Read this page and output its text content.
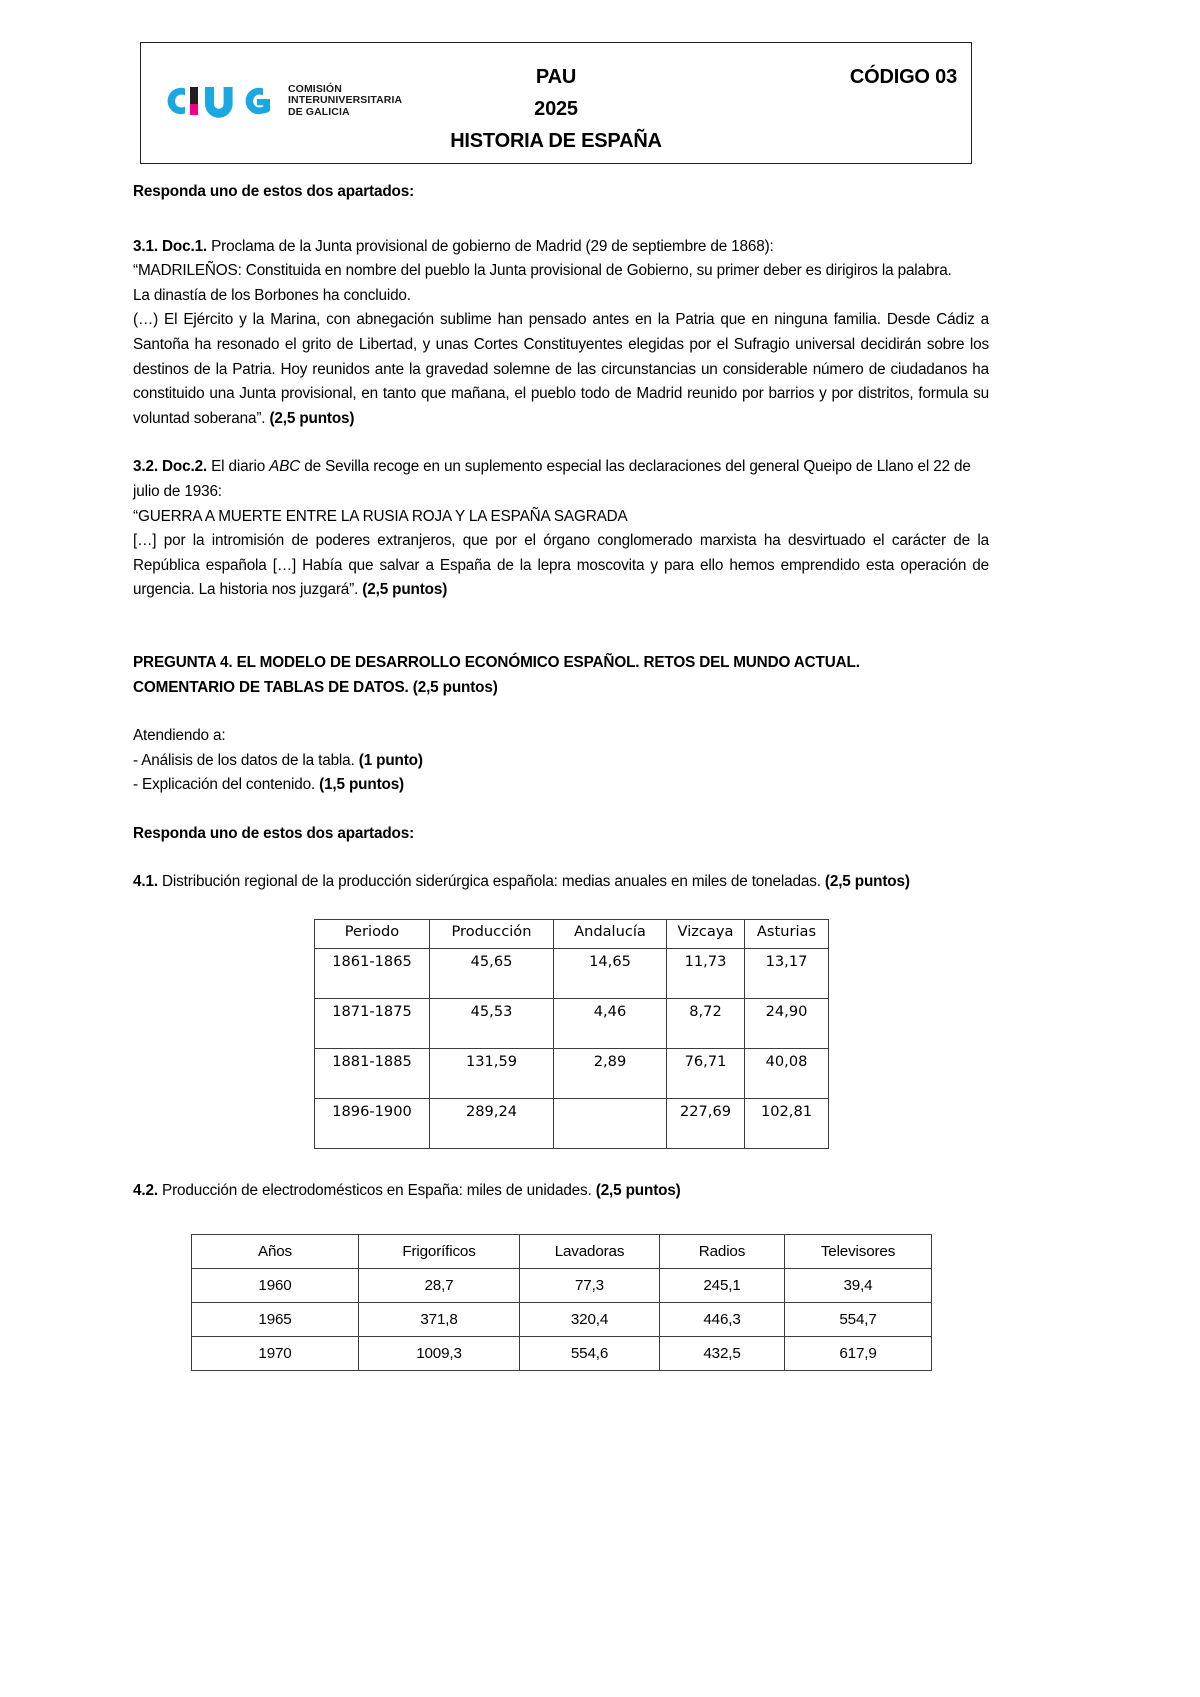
COMISIÓN
INTERUNIVERSITARIA
DE GALICIA
PAU
2025
HISTORIA DE ESPAÑA
CÓDIGO 03

Responda uno de estos dos apartados:

3.1. Doc.1. Proclama de la Junta provisional de gobierno de Madrid (29 de septiembre de 1868):

“MADRILEÑOS: Constituida en nombre del pueblo la Junta provisional de Gobierno, su primer deber es dirigiros la palabra.

La dinastía de los Borbones ha concluido.

(…) El Ejército y la Marina, con abnegación sublime han pensado antes en la Patria que en ninguna familia. Desde Cádiz a Santoña ha resonado el grito de Libertad, y unas Cortes Constituyentes elegidas por el Sufragio universal decidirán sobre los destinos de la Patria. Hoy reunidos ante la gravedad solemne de las circunstancias un considerable número de ciudadanos ha constituido una Junta provisional, en tanto que mañana, el pueblo todo de Madrid reunido por barrios y por distritos, formula su voluntad soberana”. (2,5 puntos)

3.2. Doc.2. El diario ABC de Sevilla recoge en un suplemento especial las declaraciones del general Queipo de Llano el 22 de julio de 1936:

“GUERRA A MUERTE ENTRE LA RUSIA ROJA Y LA ESPAÑA SAGRADA

[…] por la intromisión de poderes extranjeros, que por el órgano conglomerado marxista ha desvirtuado el carácter de la República española […] Había que salvar a España de la lepra moscovita y para ello hemos emprendido esta operación de urgencia. La historia nos juzgará”. (2,5 puntos)

PREGUNTA 4. EL MODELO DE DESARROLLO ECONÓMICO ESPAÑOL. RETOS DEL MUNDO ACTUAL.

COMENTARIO DE TABLAS DE DATOS. (2,5 puntos)

Atendiendo a:

- Análisis de los datos de la tabla. (1 punto)

- Explicación del contenido. (1,5 puntos)

Responda uno de estos dos apartados:

4.1. Distribución regional de la producción siderúrgica española: medias anuales en miles de toneladas. (2,5 puntos)

Periodo	Producción	Andalucía	Vizcaya	Asturias
1861-1865	45,65	14,65	11,73	13,17
1871-1875	45,53	4,46	8,72	24,90
1881-1885	131,59	2,89	76,71	40,08
1896-1900	289,24		227,69	102,81

4.2. Producción de electrodomésticos en España: miles de unidades. (2,5 puntos)

Años	Frigoríficos	Lavadoras	Radios	Televisores
1960	28,7	77,3	245,1	39,4
1965	371,8	320,4	446,3	554,7
1970	1009,3	554,6	432,5	617,9
